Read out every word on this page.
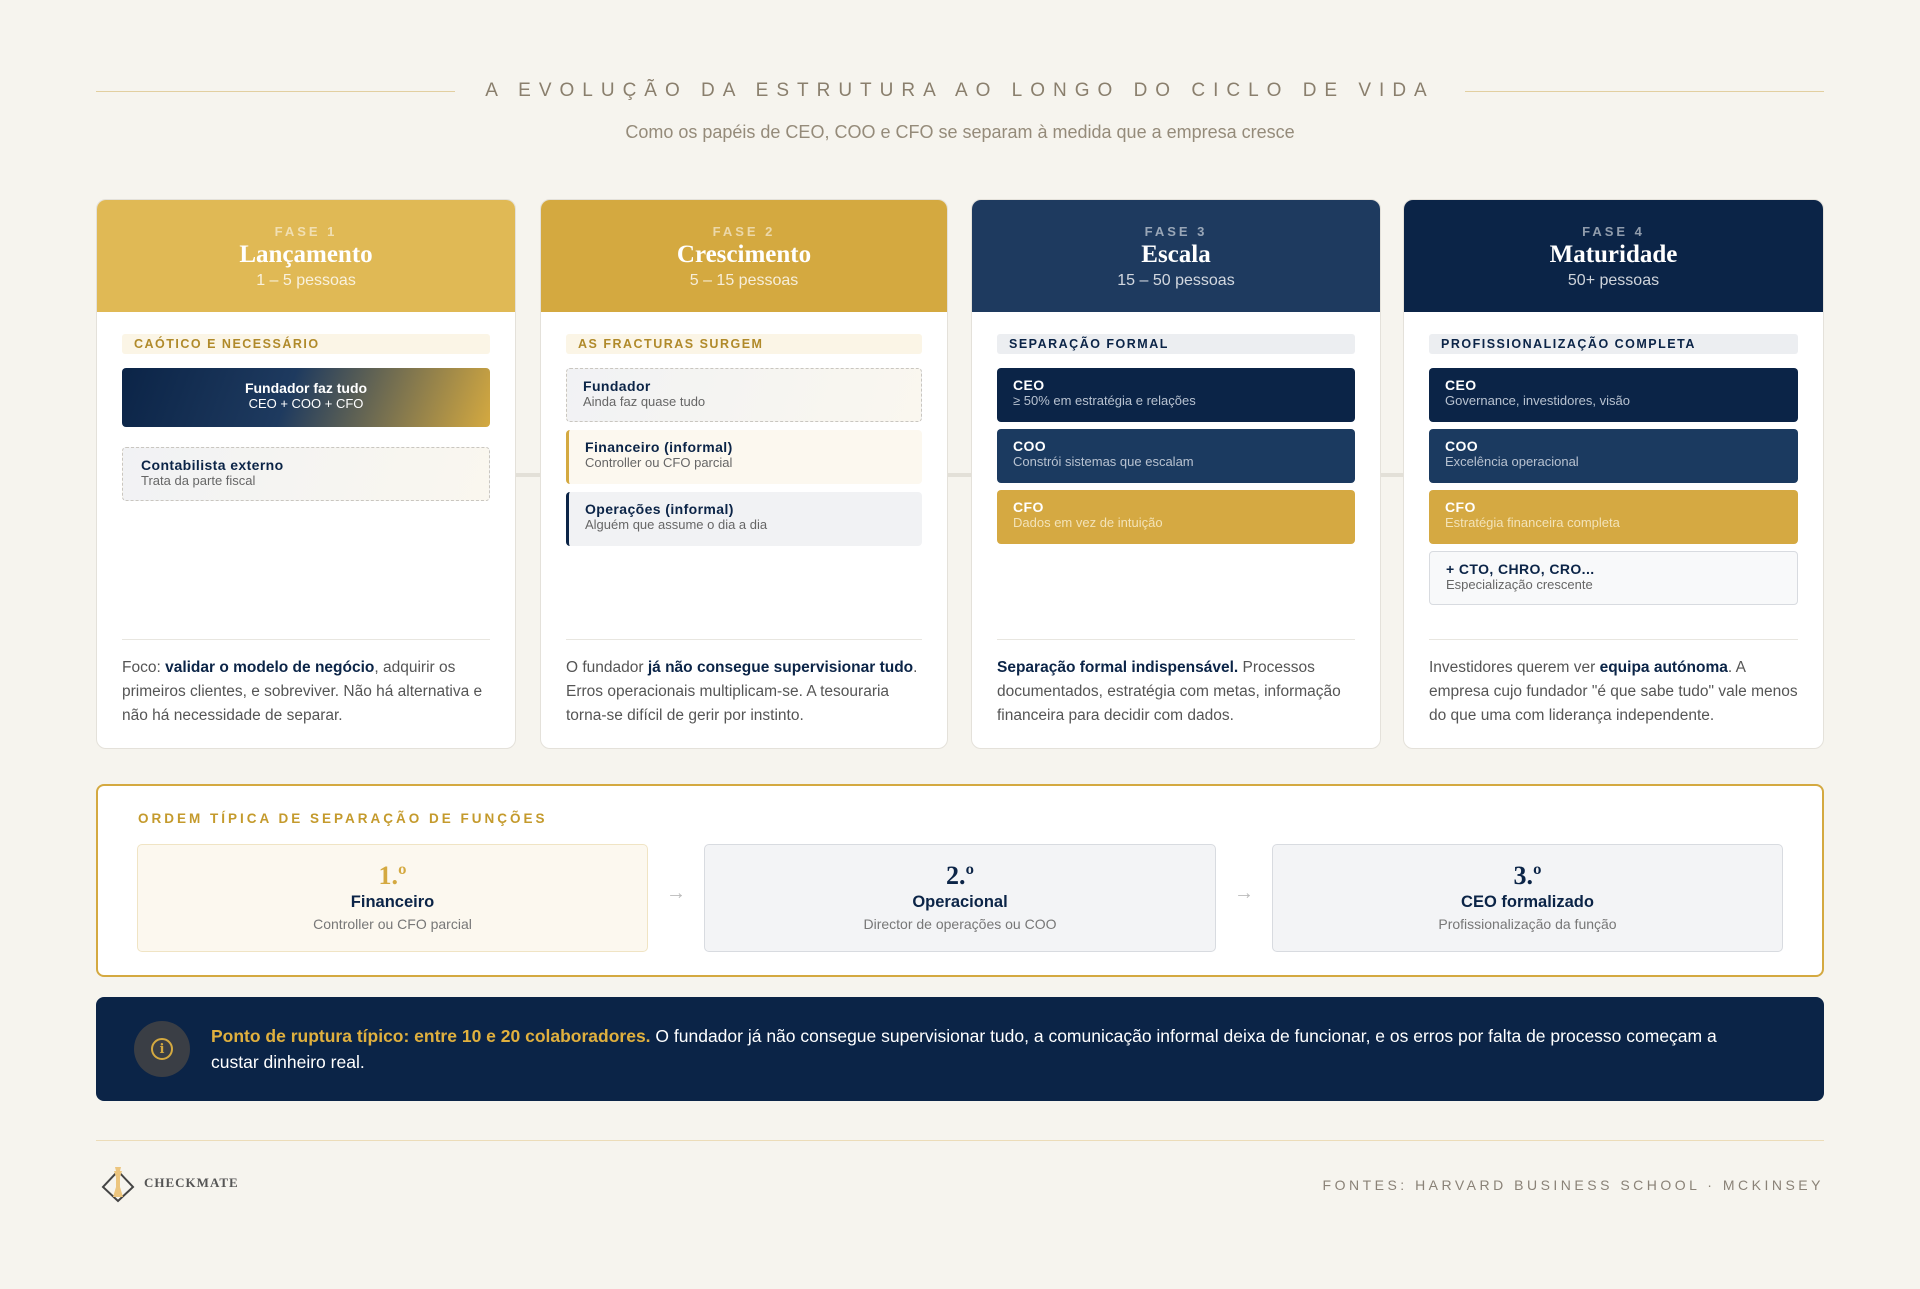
A EVOLUÇÃO DA ESTRUTURA AO LONGO DO CICLO DE VIDA
Como os papéis de CEO, COO e CFO se separam à medida que a empresa cresce
FASE 1
Lançamento
1 – 5 pessoas
CAÓTICO E NECESSÁRIO
Fundador faz tudo
CEO + COO + CFO
Contabilista externo
Trata da parte fiscal
Foco: validar o modelo de negócio, adquirir os primeiros clientes, e sobreviver. Não há alternativa e não há necessidade de separar.
FASE 2
Crescimento
5 – 15 pessoas
AS FRACTURAS SURGEM
Fundador
Ainda faz quase tudo
Financeiro (informal)
Controller ou CFO parcial
Operações (informal)
Alguém que assume o dia a dia
O fundador já não consegue supervisionar tudo. Erros operacionais multiplicam-se. A tesouraria torna-se difícil de gerir por instinto.
FASE 3
Escala
15 – 50 pessoas
SEPARAÇÃO FORMAL
CEO
≥ 50% em estratégia e relações
COO
Constrói sistemas que escalam
CFO
Dados em vez de intuição
Separação formal indispensável. Processos documentados, estratégia com metas, informação financeira para decidir com dados.
FASE 4
Maturidade
50+ pessoas
PROFISSIONALIZAÇÃO COMPLETA
CEO
Governance, investidores, visão
COO
Excelência operacional
CFO
Estratégia financeira completa
+ CTO, CHRO, CRO...
Especialização crescente
Investidores querem ver equipa autónoma. A empresa cujo fundador "é que sabe tudo" vale menos do que uma com liderança independente.
ORDEM TÍPICA DE SEPARAÇÃO DE FUNÇÕES
1.º
Financeiro
Controller ou CFO parcial
→
2.º
Operacional
Director de operações ou COO
→
3.º
CEO formalizado
Profissionalização da função
i
Ponto de ruptura típico: entre 10 e 20 colaboradores. O fundador já não consegue supervisionar tudo, a comunicação informal deixa de funcionar, e os erros por falta de processo começam a custar dinheiro real.
CHECKMATE	FONTES: HARVARD BUSINESS SCHOOL · MCKINSEY
